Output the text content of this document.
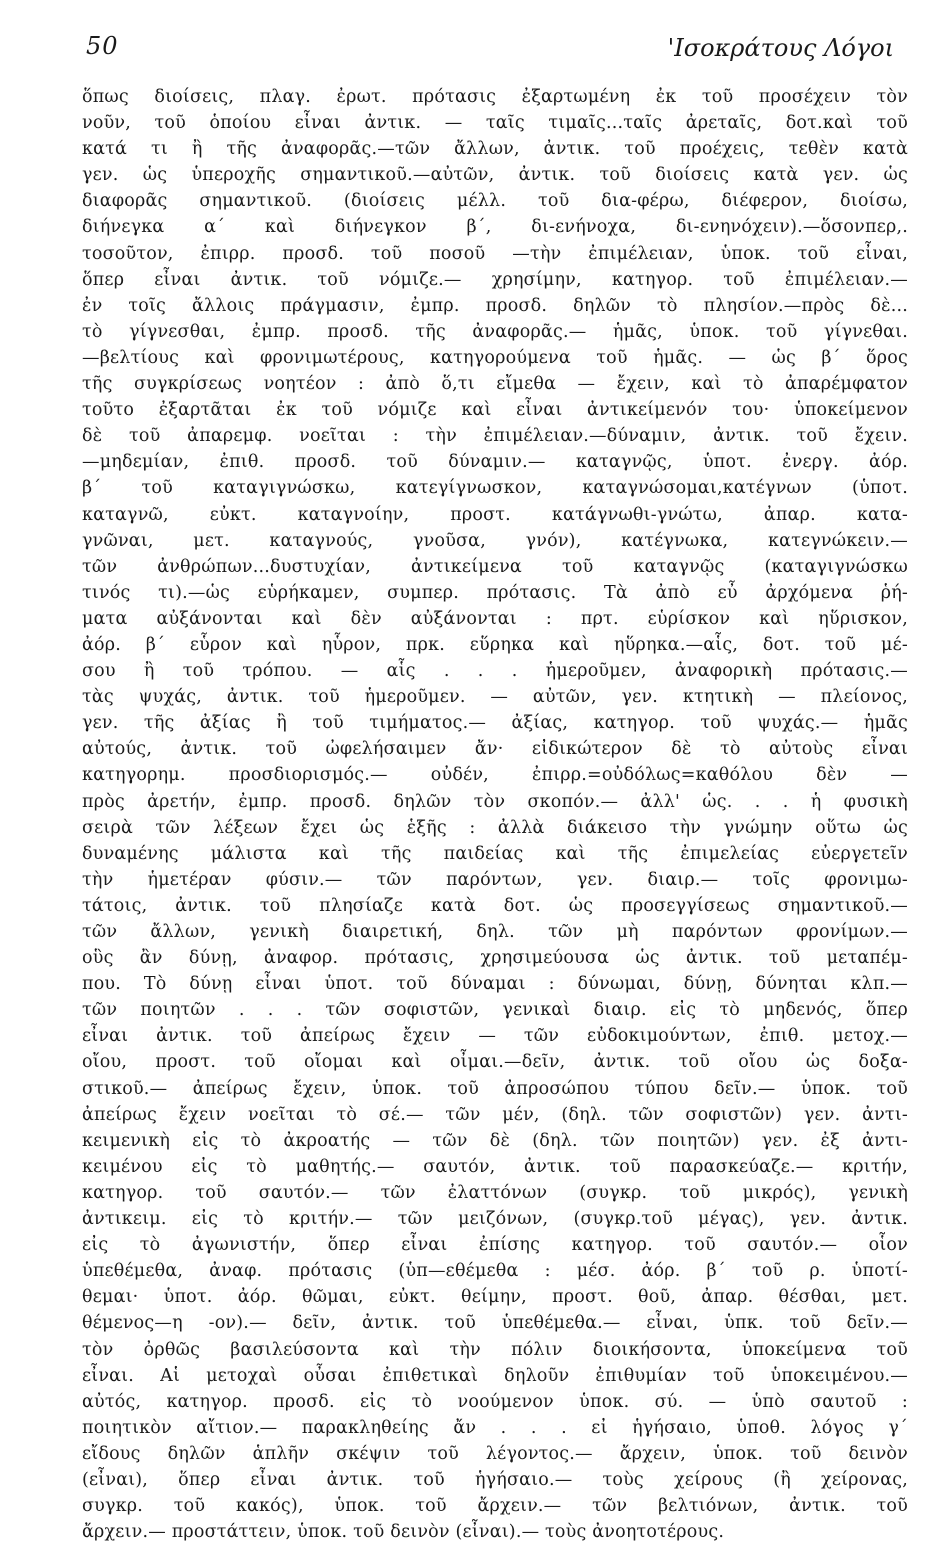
50	'Ισοκράτους Λόγοι
ὅπως διοίσεις, πλαγ. ἐρωτ. πρότασις ἐξαρτωμένη ἐκ τοῦ προσέχειν τὸν
νοῦν, τοῦ ὁποίου εἶναι ἀντικ. — ταῖς τιμαῖς...ταῖς ἀρεταῖς, δοτ.καὶ τοῦ
κατά τι ἢ τῆς ἀναφορᾶς.—τῶν ἄλλων, ἀντικ. τοῦ προέχεις, τεθὲν κατὰ
γεν. ὡς ὑπεροχῆς σημαντικοῦ.—αὐτῶν, ἀντικ. τοῦ διοίσεις κατὰ γεν. ὡς
διαφορᾶς σημαντικοῦ. (διοίσεις μέλλ. τοῦ δια-φέρω, διέφερον, διοίσω,
διήνεγκα α΄ καὶ διήνεγκον β΄, δι-ενήνοχα, δι-ενηνόχειν).—ὅσονπερ,.
τοσοῦτον, ἐπιρρ. προσδ. τοῦ ποσοῦ —τὴν ἐπιμέλειαν, ὑποκ. τοῦ εἶναι,
ὅπερ εἶναι ἀντικ. τοῦ νόμιζε.— χρησίμην, κατηγορ. τοῦ ἐπιμέλειαν.—
ἐν τοῖς ἄλλοις πράγμασιν, ἐμπρ. προσδ. δηλῶν τὸ πλησίον.—πρὸς δὲ...
τὸ γίγνεσθαι, ἐμπρ. προσδ. τῆς ἀναφορᾶς.— ἡμᾶς, ὑποκ. τοῦ γίγνεθαι.
—βελτίους καὶ φρονιμωτέρους, κατηγορούμενα τοῦ ἡμᾶς. — ὡς β΄ ὅρος
τῆς συγκρίσεως νοητέον : ἀπὸ ὅ,τι εἴμεθα — ἔχειν, καὶ τὸ ἀπαρέμφατον
τοῦτο ἐξαρτᾶται ἐκ τοῦ νόμιζε καὶ εἶναι ἀντικείμενόν του· ὑποκείμενον
δὲ τοῦ ἀπαρεμφ. νοεῖται : τὴν ἐπιμέλειαν.—δύναμιν, ἀντικ. τοῦ ἔχειν.
—μηδεμίαν, ἐπιθ. προσδ. τοῦ δύναμιν.— καταγνῷς, ὑποτ. ἐνεργ. ἀόρ.
β΄ τοῦ καταγιγνώσκω, κατεγίγνωσκον, καταγνώσομαι,κατέγνων (ὑποτ.
καταγνῶ, εὐκτ. καταγνοίην, προστ. κατάγνωθι-γνώτω, ἀπαρ. κατα-
γνῶναι, μετ. καταγνούς, γνοῦσα, γνόν), κατέγνωκα, κατεγνώκειν.—
τῶν ἀνθρώπων...δυστυχίαν, ἀντικείμενα τοῦ καταγνῷς (καταγιγνώσκω
τινός τι).—ὡς εὑρήκαμεν, συμπερ. πρότασις. Τὰ ἀπὸ εὖ ἀρχόμενα ῥή-
ματα αὐξάνονται καὶ δὲν αὐξάνονται : πρτ. εὑρίσκον καὶ ηὕρισκον,
ἀόρ. β΄ εὗρον καὶ ηὗρον, πρκ. εὕρηκα καὶ ηὕρηκα.—αἷς, δοτ. τοῦ μέ-
σου ἢ τοῦ τρόπου. — αἷς . . . ἡμεροῦμεν, ἀναφορικὴ πρότασις.—
τὰς ψυχάς, ἀντικ. τοῦ ἡμεροῦμεν. — αὐτῶν, γεν. κτητικὴ — πλείονος,
γεν. τῆς ἀξίας ἢ τοῦ τιμήματος.— ἀξίας, κατηγορ. τοῦ ψυχάς.— ἡμᾶς
αὐτούς, ἀντικ. τοῦ ὠφελήσαιμεν ἄν· εἰδικώτερον δὲ τὸ αὐτοὺς εἶναι
κατηγορημ. προσδιορισμός.— οὐδέν, ἐπιρρ.=οὐδόλως=καθόλου δὲν —
πρὸς ἀρετήν, ἐμπρ. προσδ. δηλῶν τὸν σκοπόν.— ἀλλ' ὡς. . . ἡ φυσικὴ
σειρὰ τῶν λέξεων ἔχει ὡς ἑξῆς : ἀλλὰ διάκεισο τὴν γνώμην οὕτω ὡς
δυναμένης μάλιστα καὶ τῆς παιδείας καὶ τῆς ἐπιμελείας εὐεργετεῖν
τὴν ἡμετέραν φύσιν.— τῶν παρόντων, γεν. διαιρ.— τοῖς φρονιμω-
τάτοις, ἀντικ. τοῦ πλησίαζε κατὰ δοτ. ὡς προσεγγίσεως σημαντικοῦ.—
τῶν ἄλλων, γενικὴ διαιρετική, δηλ. τῶν μὴ παρόντων φρονίμων.—
οὓς ἂν δύνῃ, ἀναφορ. πρότασις, χρησιμεύουσα ὡς ἀντικ. τοῦ μεταπέμ-
που. Τὸ δύνῃ εἶναι ὑποτ. τοῦ δύναμαι : δύνωμαι, δύνῃ, δύνηται κλπ.—
τῶν ποιητῶν . . . τῶν σοφιστῶν, γενικαὶ διαιρ. εἰς τὸ μηδενός, ὅπερ
εἶναι ἀντικ. τοῦ ἀπείρως ἔχειν — τῶν εὐδοκιμούντων, ἐπιθ. μετοχ.—
οἴου, προστ. τοῦ οἴομαι καὶ οἶμαι.—δεῖν, ἀντικ. τοῦ οἴου ὡς δοξα-
στικοῦ.— ἀπείρως ἔχειν, ὑποκ. τοῦ ἀπροσώπου τύπου δεῖν.— ὑποκ. τοῦ
ἀπείρως ἔχειν νοεῖται τὸ σέ.— τῶν μέν, (δηλ. τῶν σοφιστῶν) γεν. ἀντι-
κειμενικὴ εἰς τὸ ἀκροατής — τῶν δὲ (δηλ. τῶν ποιητῶν) γεν. ἐξ ἀντι-
κειμένου εἰς τὸ μαθητής.— σαυτόν, ἀντικ. τοῦ παρασκεύαζε.— κριτήν,
κατηγορ. τοῦ σαυτόν.— τῶν ἐλαττόνων (συγκρ. τοῦ μικρός), γενικὴ
ἀντικειμ. εἰς τὸ κριτήν.— τῶν μειζόνων, (συγκρ.τοῦ μέγας), γεν. ἀντικ.
εἰς τὸ ἀγωνιστήν, ὅπερ εἶναι ἐπίσης κατηγορ. τοῦ σαυτόν.— οἷον
ὑπεθέμεθα, ἀναφ. πρότασις (ὑπ—εθέμεθα : μέσ. ἀόρ. β΄ τοῦ ρ. ὑποτί-
θεμαι· ὑποτ. ἀόρ. θῶμαι, εὐκτ. θείμην, προστ. θοῦ, ἀπαρ. θέσθαι, μετ.
θέμενος—η -ον).— δεῖν, ἀντικ. τοῦ ὑπεθέμεθα.— εἶναι, ὑπκ. τοῦ δεῖν.—
τὸν ὀρθῶς βασιλεύσοντα καὶ τὴν πόλιν διοικήσοντα, ὑποκείμενα τοῦ
εἶναι. Αἱ μετοχαὶ οὖσαι ἐπιθετικαὶ δηλοῦν ἐπιθυμίαν τοῦ ὑποκειμένου.—
αὐτός, κατηγορ. προσδ. εἰς τὸ νοούμενον ὑποκ. σύ. — ὑπὸ σαυτοῦ :
ποιητικὸν αἴτιον.— παρακληθείης ἄν . . . εἰ ἡγήσαιο, ὑποθ. λόγος γ΄
εἴδους δηλῶν ἁπλῆν σκέψιν τοῦ λέγοντος.— ἄρχειν, ὑποκ. τοῦ δεινὸν
(εἶναι), ὅπερ εἶναι ἀντικ. τοῦ ἡγήσαιο.— τοὺς χείρους (ἢ χείρονας,
συγκρ. τοῦ κακός), ὑποκ. τοῦ ἄρχειν.— τῶν βελτιόνων, ἀντικ. τοῦ
ἄρχειν.— προστάττειν, ὑποκ. τοῦ δεινὸν (εἶναι).— τοὺς ἀνοητοτέρους.
